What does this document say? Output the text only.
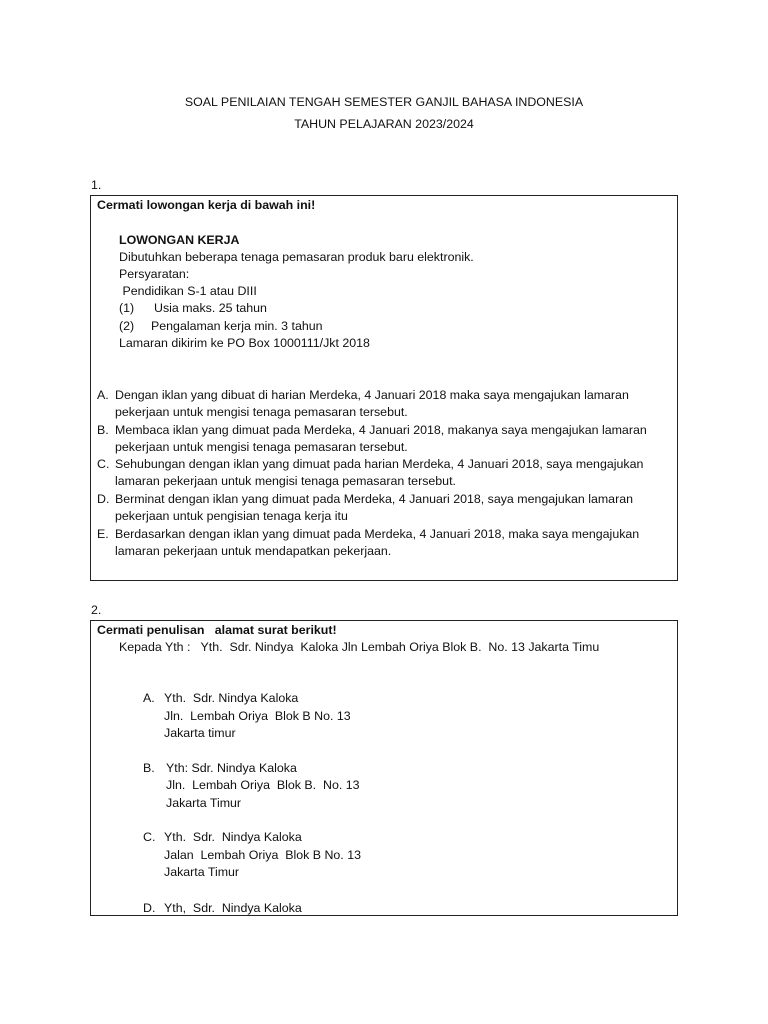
SOAL PENILAIAN TENGAH SEMESTER GANJIL BAHASA INDONESIA
TAHUN PELAJARAN 2023/2024
1.
Cermati lowongan kerja di bawah ini!
LOWONGAN KERJA
Dibutuhkan beberapa tenaga pemasaran produk baru elektronik.
Persyaratan:
Pendidikan S-1 atau DIII
(1) Usia maks. 25 tahun
(2) Pengalaman kerja min. 3 tahun
Lamaran dikirim ke PO Box 1000111/Jkt 2018
A. Dengan iklan yang dibuat di harian Merdeka, 4 Januari 2018 maka saya mengajukan lamaran
pekerjaan untuk mengisi tenaga pemasaran tersebut.
B. Membaca iklan yang dimuat pada Merdeka, 4 Januari 2018, makanya saya mengajukan lamaran
pekerjaan untuk mengisi tenaga pemasaran tersebut.
C. Sehubungan dengan iklan yang dimuat pada harian Merdeka, 4 Januari 2018, saya mengajukan
lamaran pekerjaan untuk mengisi tenaga pemasaran tersebut.
D. Berminat dengan iklan yang dimuat pada Merdeka, 4 Januari 2018, saya mengajukan lamaran
pekerjaan untuk pengisian tenaga kerja itu
E. Berdasarkan dengan iklan yang dimuat pada Merdeka, 4 Januari 2018, maka saya mengajukan
lamaran pekerjaan untuk mendapatkan pekerjaan.
2.
Cermati penulisan   alamat surat berikut!
Kepada Yth :   Yth.  Sdr. Nindya  Kaloka Jln Lembah Oriya Blok B.  No. 13 Jakarta Timu
A. Yth.  Sdr. Nindya Kaloka
Jln.  Lembah Oriya  Blok B No. 13
Jakarta timur
B. Yth: Sdr. Nindya Kaloka
Jln.  Lembah Oriya  Blok B.  No. 13
Jakarta Timur
C. Yth.  Sdr.  Nindya Kaloka
Jalan  Lembah Oriya  Blok B No. 13
Jakarta Timur
D. Yth,  Sdr.  Nindya Kaloka
